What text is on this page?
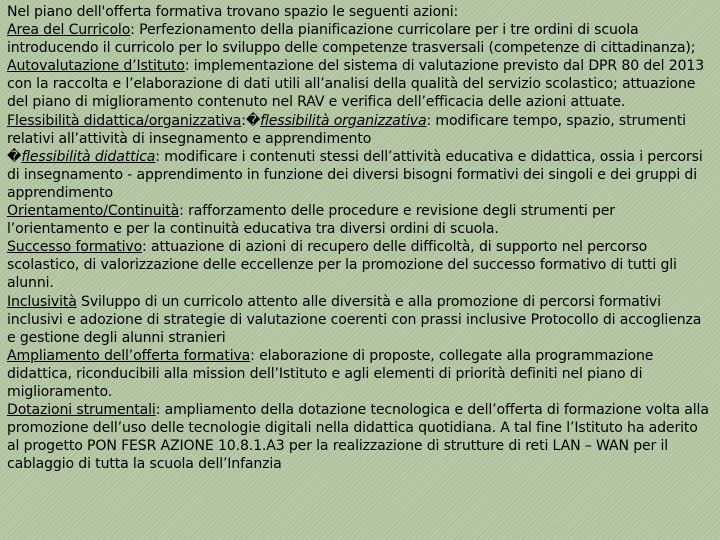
Nel piano dell'offerta formativa trovano spazio le seguenti azioni:

Area del Curricolo: Perfezionamento della pianificazione curricolare per i tre ordini di scuola introducendo il curricolo per lo sviluppo delle competenze trasversali (competenze di cittadinanza);

Autovalutazione d’Istituto: implementazione del sistema di valutazione previsto dal DPR 80 del 2013 con la raccolta e l’elaborazione di dati utili all’analisi della qualità del servizio scolastico; attuazione del piano di miglioramento contenuto nel RAV e verifica dell’efficacia delle azioni attuate.

Flessibilità didattica/organizzativa:�flessibilità organizzativa: modificare tempo, spazio, strumenti relativi all’attività di insegnamento e apprendimento

�flessibilità didattica: modificare i contenuti stessi dell’attività educativa e didattica, ossia i percorsi di insegnamento - apprendimento in funzione dei diversi bisogni formativi dei singoli e dei gruppi di apprendimento

Orientamento/Continuità: rafforzamento delle procedure e revisione degli strumenti per l’orientamento e per la continuità educativa tra diversi ordini di scuola.

Successo formativo: attuazione di azioni di recupero delle difficoltà, di supporto nel percorso scolastico, di valorizzazione delle eccellenze per la promozione del successo formativo di tutti gli alunni.

Inclusività Sviluppo di un curricolo attento alle diversità e alla promozione di percorsi formativi inclusivi e adozione di strategie di valutazione coerenti con prassi inclusive Protocollo di accoglienza e gestione degli alunni stranieri

Ampliamento dell’offerta formativa: elaborazione di proposte, collegate alla programmazione didattica, riconducibili alla mission dell’Istituto e agli elementi di priorità definiti nel piano di miglioramento.

Dotazioni strumentali: ampliamento della dotazione tecnologica e dell’offerta di formazione volta alla promozione dell’uso delle tecnologie digitali nella didattica quotidiana. A tal fine l’Istituto ha aderito al progetto PON FESR AZIONE 10.8.1.A3 per la realizzazione di strutture di reti LAN – WAN per il cablaggio di tutta la scuola dell’Infanzia
